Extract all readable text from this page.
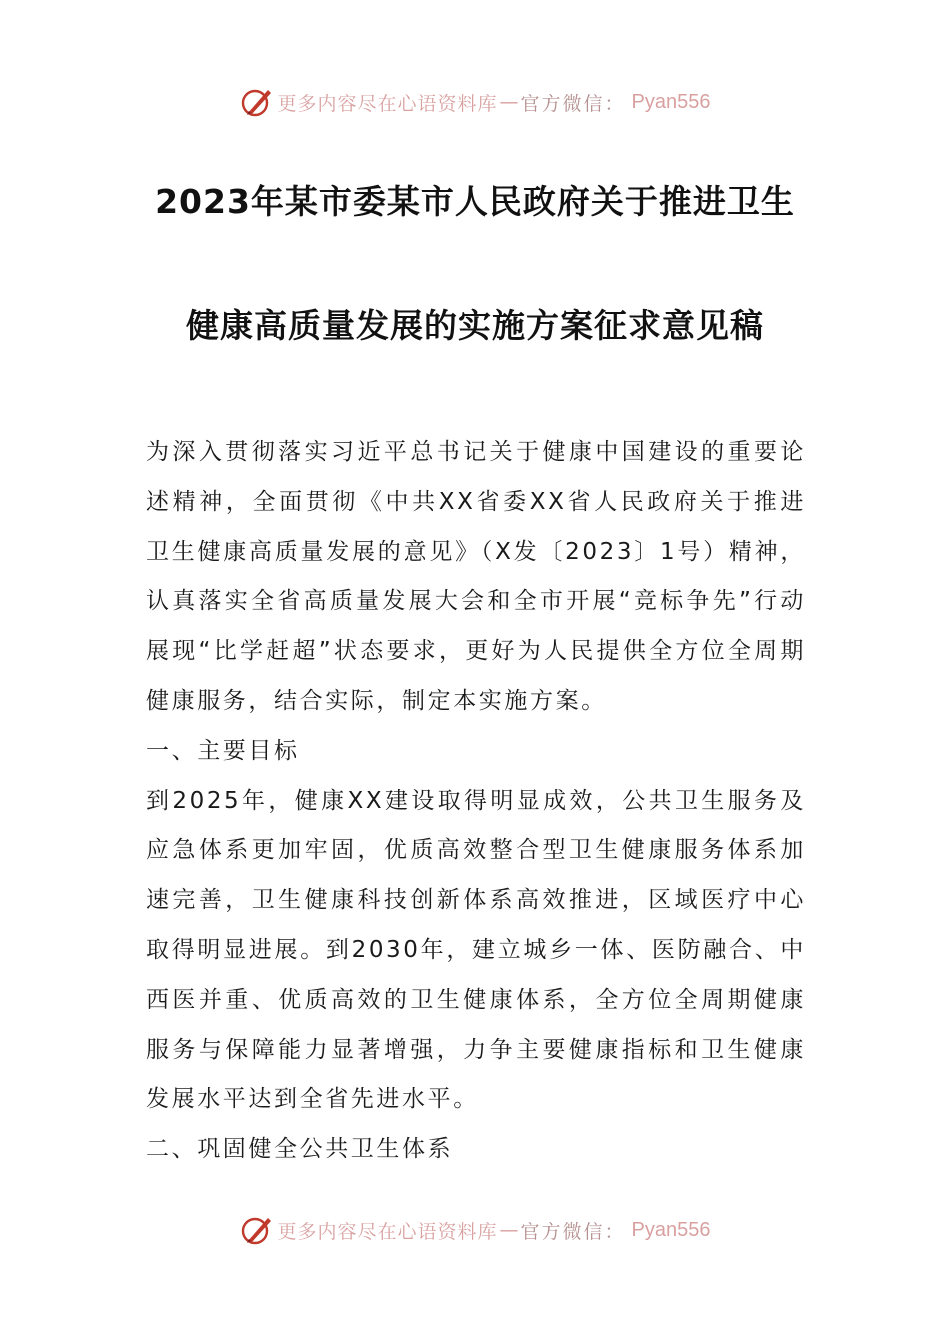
更多内容尽在心语资料库 — 官方微信： Pyan556
2023年某市委某市人民政府关于推进卫生
健康高质量发展的实施方案征求意见稿

为深入贯彻落实习近平总书记关于健康中国建设的重要论述精神，全面贯彻《中共XX省委XX省人民政府关于推进卫生健康高质量发展的意见》（X发〔2023〕1号）精神，认真落实全省高质量发展大会和全市开展“竞标争先”行动展现“比学赶超”状态要求，更好为人民提供全方位全周期健康服务，结合实际，制定本实施方案。

一、主要目标

到2025年，健康XX建设取得明显成效，公共卫生服务及应急体系更加牢固，优质高效整合型卫生健康服务体系加速完善，卫生健康科技创新体系高效推进，区域医疗中心取得明显进展。到2030年，建立城乡一体、医防融合、中西医并重、优质高效的卫生健康体系，全方位全周期健康服务与保障能力显著增强，力争主要健康指标和卫生健康发展水平达到全省先进水平。

二、巩固健全公共卫生体系

更多内容尽在心语资料库 — 官方微信： Pyan556
